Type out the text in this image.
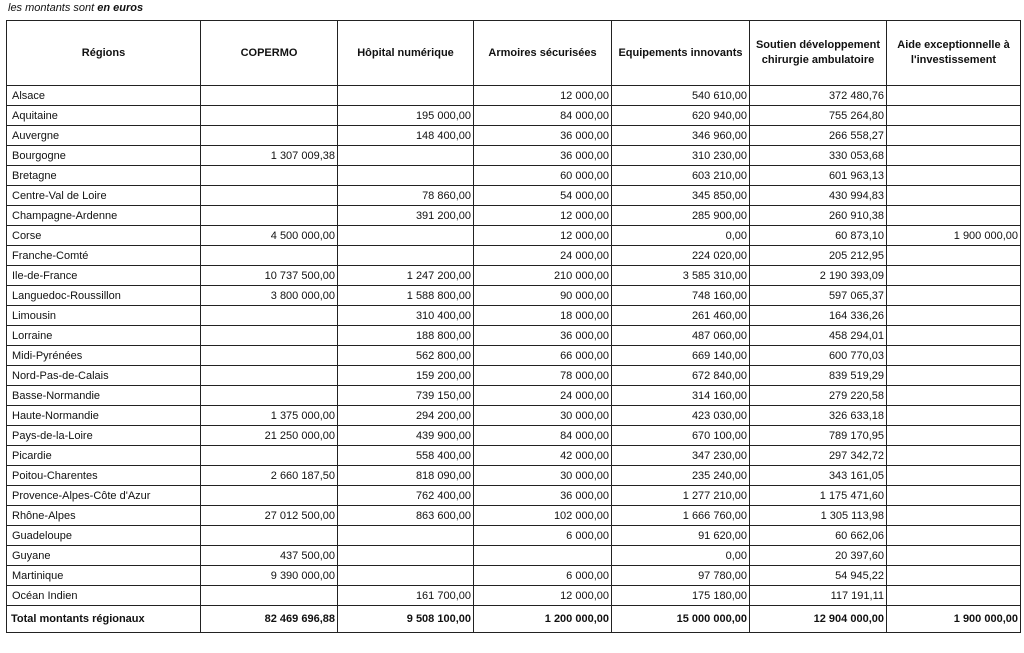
les montants sont en euros
Régions	COPERMO	Hôpital numérique	Armoires sécurisées	Equipements innovants	Soutien développement chirurgie ambulatoire	Aide exceptionnelle à l'investissement
Alsace			12 000,00	540 610,00	372 480,76	
Aquitaine		195 000,00	84 000,00	620 940,00	755 264,80	
Auvergne		148 400,00	36 000,00	346 960,00	266 558,27	
Bourgogne	1 307 009,38		36 000,00	310 230,00	330 053,68	
Bretagne			60 000,00	603 210,00	601 963,13	
Centre-Val de Loire		78 860,00	54 000,00	345 850,00	430 994,83	
Champagne-Ardenne		391 200,00	12 000,00	285 900,00	260 910,38	
Corse	4 500 000,00		12 000,00	0,00	60 873,10	1 900 000,00
Franche-Comté			24 000,00	224 020,00	205 212,95	
Ile-de-France	10 737 500,00	1 247 200,00	210 000,00	3 585 310,00	2 190 393,09	
Languedoc-Roussillon	3 800 000,00	1 588 800,00	90 000,00	748 160,00	597 065,37	
Limousin		310 400,00	18 000,00	261 460,00	164 336,26	
Lorraine		188 800,00	36 000,00	487 060,00	458 294,01	
Midi-Pyrénées		562 800,00	66 000,00	669 140,00	600 770,03	
Nord-Pas-de-Calais		159 200,00	78 000,00	672 840,00	839 519,29	
Basse-Normandie		739 150,00	24 000,00	314 160,00	279 220,58	
Haute-Normandie	1 375 000,00	294 200,00	30 000,00	423 030,00	326 633,18	
Pays-de-la-Loire	21 250 000,00	439 900,00	84 000,00	670 100,00	789 170,95	
Picardie		558 400,00	42 000,00	347 230,00	297 342,72	
Poitou-Charentes	2 660 187,50	818 090,00	30 000,00	235 240,00	343 161,05	
Provence-Alpes-Côte d'Azur		762 400,00	36 000,00	1 277 210,00	1 175 471,60	
Rhône-Alpes	27 012 500,00	863 600,00	102 000,00	1 666 760,00	1 305 113,98	
Guadeloupe			6 000,00	91 620,00	60 662,06	
Guyane	437 500,00			0,00	20 397,60	
Martinique	9 390 000,00		6 000,00	97 780,00	54 945,22	
Océan Indien		161 700,00	12 000,00	175 180,00	117 191,11	
Total montants régionaux	82 469 696,88	9 508 100,00	1 200 000,00	15 000 000,00	12 904 000,00	1 900 000,00
